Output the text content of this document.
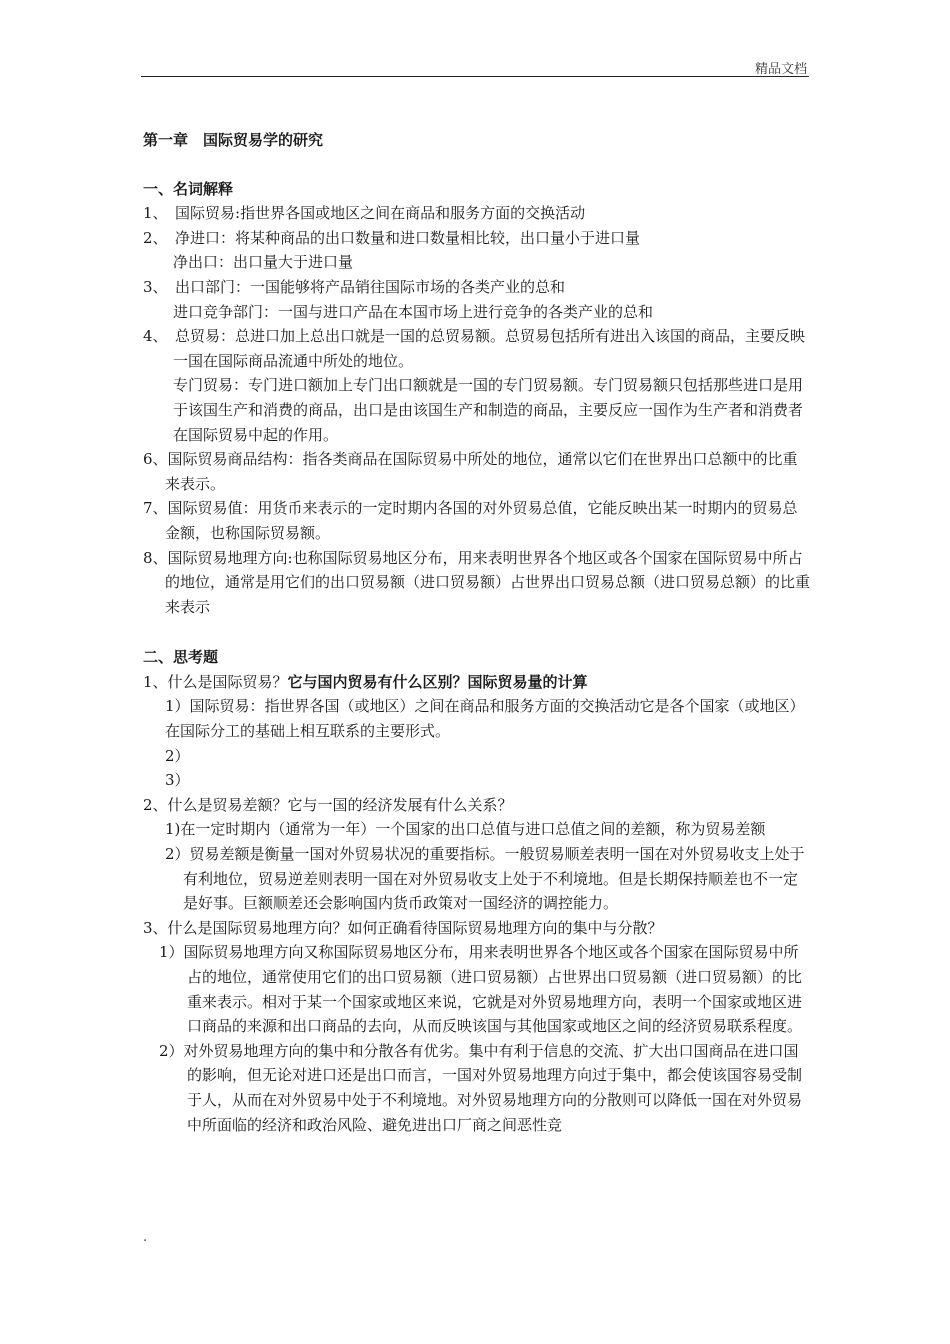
精品文档

第一章　国际贸易学的研究

一、名词解释

1、　国际贸易:指世界各国或地区之间在商品和服务方面的交换活动

2、　净进口：将某种商品的出口数量和进口数量相比较，出口量小于进口量

净出口：出口量大于进口量

3、　出口部门：一国能够将产品销往国际市场的各类产业的总和

进口竞争部门：一国与进口产品在本国市场上进行竞争的各类产业的总和

4、　总贸易：总进口加上总出口就是一国的总贸易额。总贸易包括所有进出入该国的商品，主要反映一国在国际商品流通中所处的地位。

专门贸易：专门进口额加上专门出口额就是一国的专门贸易额。专门贸易额只包括那些进口是用于该国生产和消费的商品，出口是由该国生产和制造的商品，主要反应一国作为生产者和消费者在国际贸易中起的作用。

6、国际贸易商品结构：指各类商品在国际贸易中所处的地位，通常以它们在世界出口总额中的比重来表示。

7、国际贸易值：用货币来表示的一定时期内各国的对外贸易总值，它能反映出某一时期内的贸易总金额，也称国际贸易额。

8、国际贸易地理方向:也称国际贸易地区分布，用来表明世界各个地区或各个国家在国际贸易中所占的地位，通常是用它们的出口贸易额（进口贸易额）占世界出口贸易总额（进口贸易总额）的比重来表示

二、思考题

1、什么是国际贸易？它与国内贸易有什么区别？国际贸易量的计算

1）国际贸易：指世界各国（或地区）之间在商品和服务方面的交换活动它是各个国家（或地区）在国际分工的基础上相互联系的主要形式。

2）

3）

2、什么是贸易差额？它与一国的经济发展有什么关系？

1)在一定时期内（通常为一年）一个国家的出口总值与进口总值之间的差额，称为贸易差额

2）贸易差额是衡量一国对外贸易状况的重要指标。一般贸易顺差表明一国在对外贸易收支上处于有利地位，贸易逆差则表明一国在对外贸易收支上处于不利境地。但是长期保持顺差也不一定是好事。巨额顺差还会影响国内货币政策对一国经济的调控能力。

3、什么是国际贸易地理方向？如何正确看待国际贸易地理方向的集中与分散？

1）国际贸易地理方向又称国际贸易地区分布，用来表明世界各个地区或各个国家在国际贸易中所占的地位，通常使用它们的出口贸易额（进口贸易额）占世界出口贸易额（进口贸易额）的比重来表示。相对于某一个国家或地区来说，它就是对外贸易地理方向，表明一个国家或地区进口商品的来源和出口商品的去向，从而反映该国与其他国家或地区之间的经济贸易联系程度。

2）对外贸易地理方向的集中和分散各有优劣。集中有利于信息的交流、扩大出口国商品在进口国的影响，但无论对进口还是出口而言，一国对外贸易地理方向过于集中，都会使该国容易受制于人，从而在对外贸易中处于不利境地。对外贸易地理方向的分散则可以降低一国在对外贸易中所面临的经济和政治风险、避免进出口厂商之间恶性竞

.
